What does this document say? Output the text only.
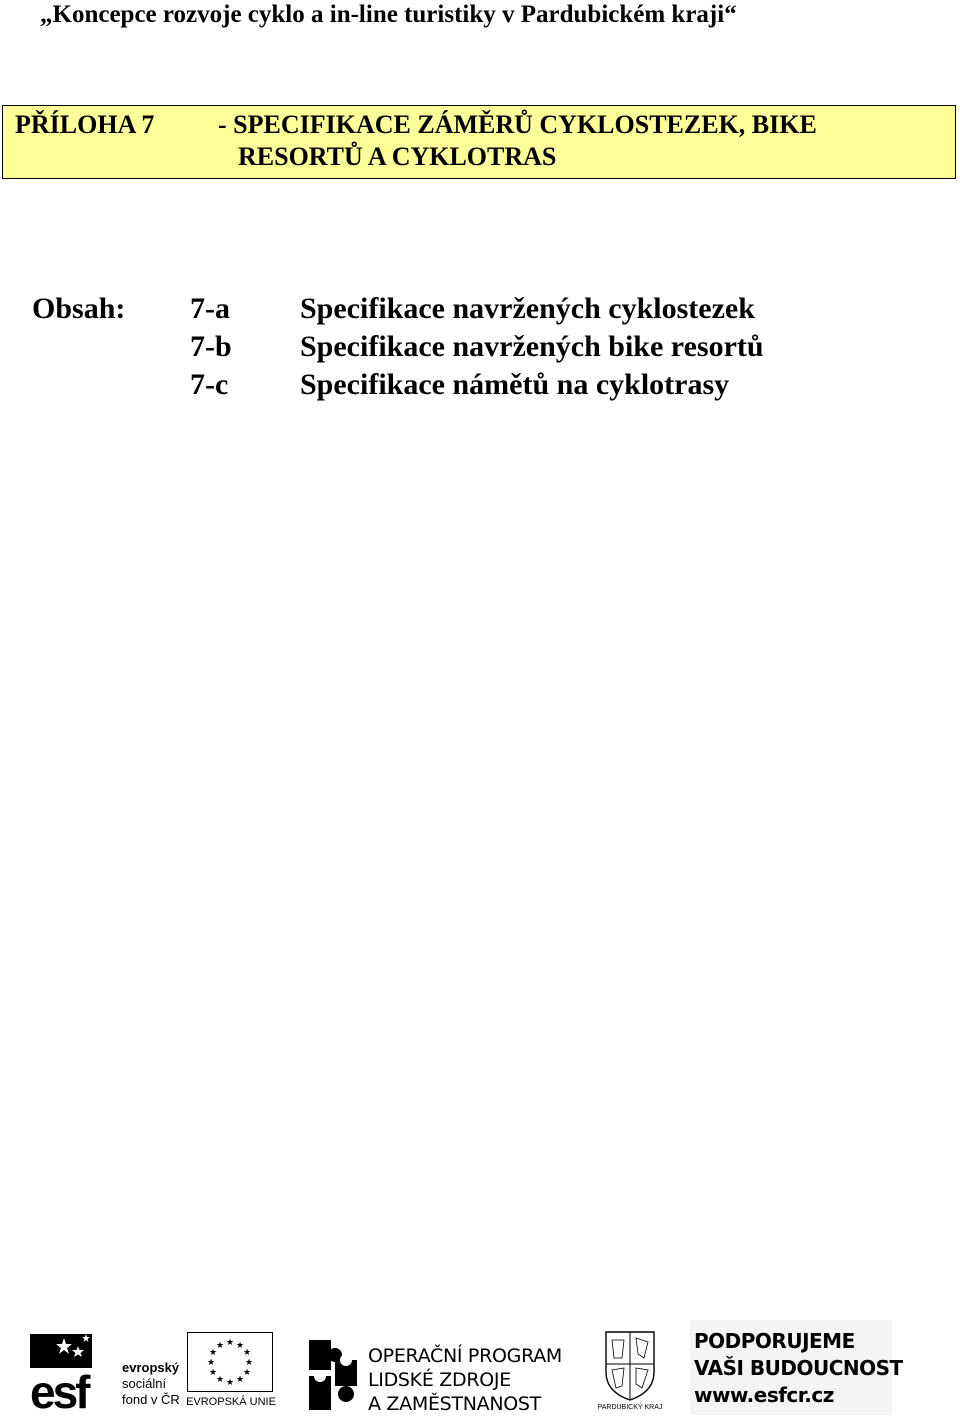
„Koncepce rozvoje cyklo a in-line turistiky v Pardubickém kraji“
PŘÍLOHA 7 - SPECIFIKACE ZÁMĚRŮ CYKLOSTEZEK, BIKE
RESORTŮ A CYKLOTRAS
Obsah: 7-a Specifikace navržených cyklostezek
7-b Specifikace navržených bike resortů
7-c Specifikace námětů na cyklotrasy
esf	evropský
sociální
fond v ČR
★ ★
★
★
★
★
★
★
★
★
★
★
EVROPSKÁ UNIE
OPERAČNÍ PROGRAM
LIDSKÉ ZDROJE
A ZAMĚSTNANOST	PARDUBICKÝ KRAJ
PODPORUJEME
VAŠI BUDOUCNOST
www.esfcr.cz
